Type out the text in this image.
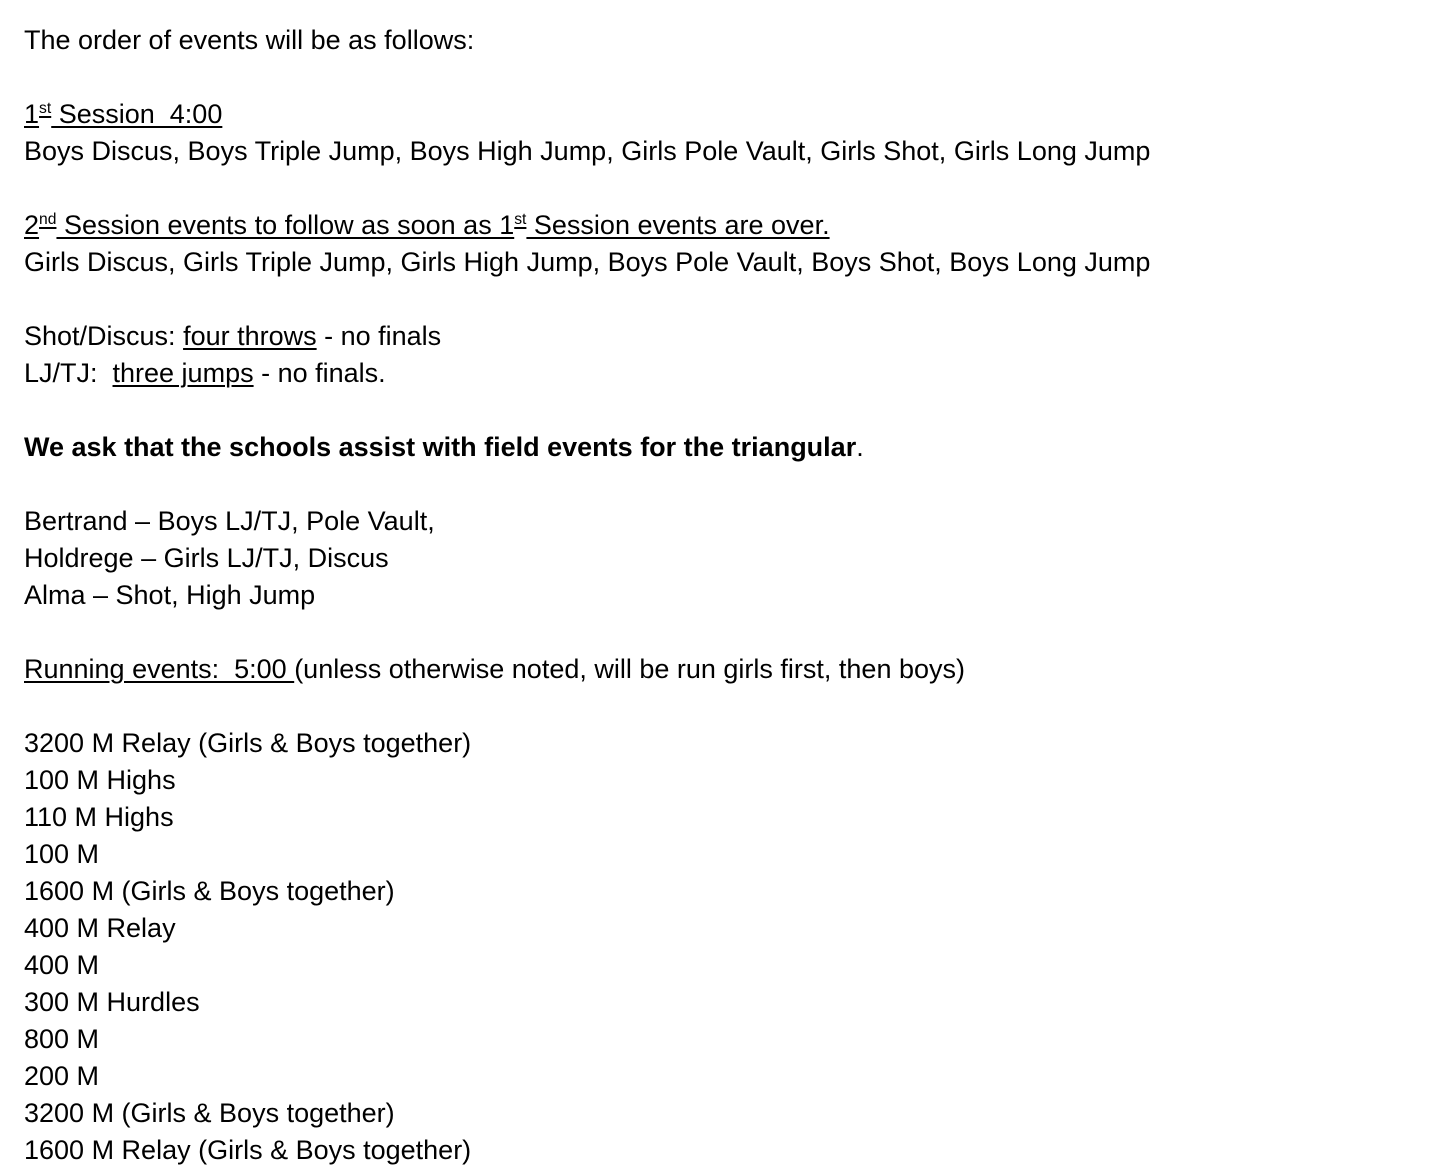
The order of events will be as follows:

1st Session  4:00
Boys Discus, Boys Triple Jump, Boys High Jump, Girls Pole Vault, Girls Shot, Girls Long Jump

2nd Session events to follow as soon as 1st Session events are over.
Girls Discus, Girls Triple Jump, Girls High Jump, Boys Pole Vault, Boys Shot, Boys Long Jump

Shot/Discus: four throws - no finals
LJ/TJ:  three jumps - no finals.

We ask that the schools assist with field events for the triangular.

Bertrand – Boys LJ/TJ, Pole Vault,
Holdrege – Girls LJ/TJ, Discus
Alma – Shot, High Jump

Running events:  5:00 (unless otherwise noted, will be run girls first, then boys)

3200 M Relay (Girls & Boys together)
100 M Highs
110 M Highs
100 M
1600 M (Girls & Boys together)
400 M Relay
400 M
300 M Hurdles
800 M
200 M
3200 M (Girls & Boys together)
1600 M Relay (Girls & Boys together)
